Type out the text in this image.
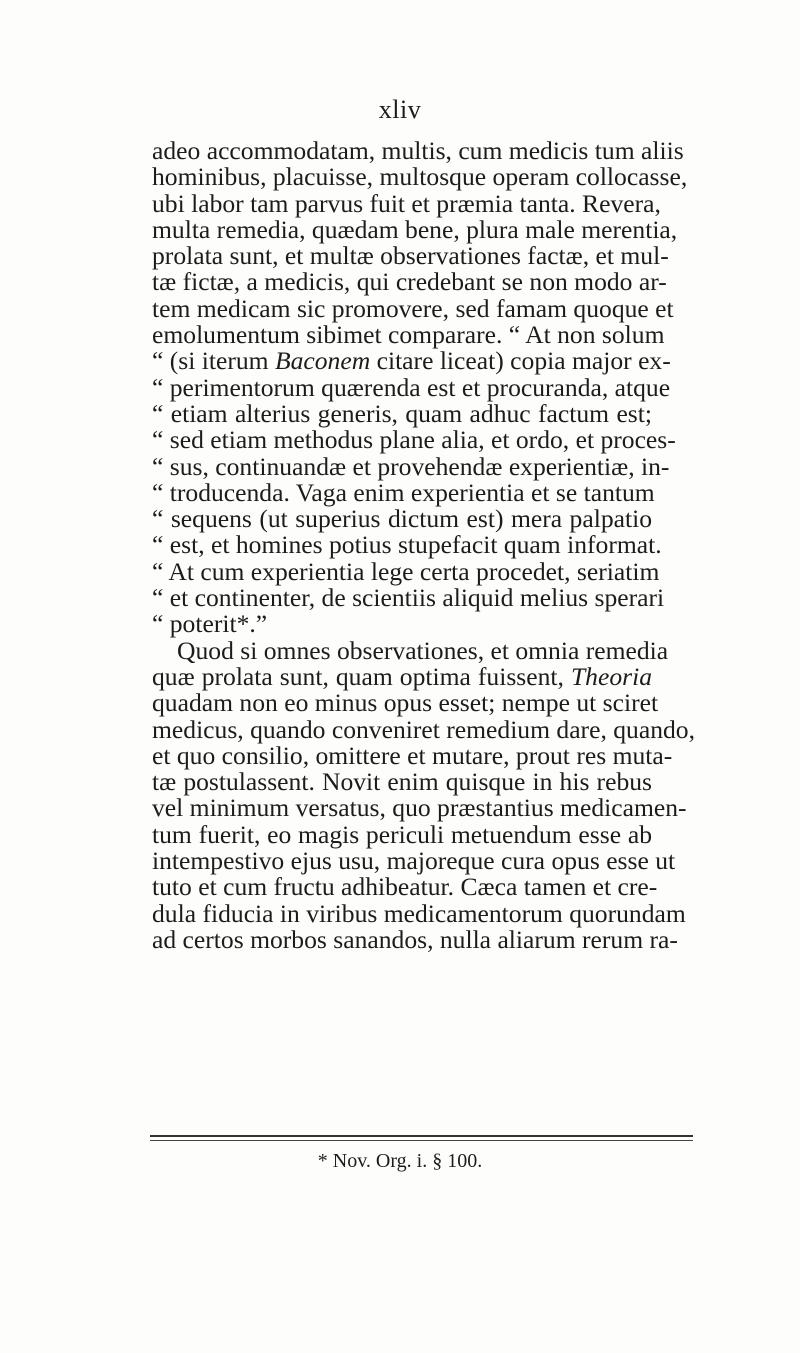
xliv
adeo accommodatam, multis, cum medicis tum aliis
hominibus, placuisse, multosque operam collocasse,
ubi labor tam parvus fuit et præmia tanta. Revera,
multa remedia, quædam bene, plura male merentia,
prolata sunt, et multæ observationes factæ, et mul-
tæ fictæ, a medicis, qui credebant se non modo ar-
tem medicam sic promovere, sed famam quoque et
emolumentum sibimet comparare. “ At non solum
“ (si iterum Baconem citare liceat) copia major ex-
“ perimentorum quærenda est et procuranda, atque
“ etiam alterius generis, quam adhuc factum est;
“ sed etiam methodus plane alia, et ordo, et proces-
“ sus, continuandæ et provehendæ experientiæ, in-
“ troducenda. Vaga enim experientia et se tantum
“ sequens (ut superius dictum est) mera palpatio
“ est, et homines potius stupefacit quam informat.
“ At cum experientia lege certa procedet, seriatim
“ et continenter, de scientiis aliquid melius sperari
“ poterit*.”
Quod si omnes observationes, et omnia remedia
quæ prolata sunt, quam optima fuissent, Theoria
quadam non eo minus opus esset; nempe ut sciret
medicus, quando conveniret remedium dare, quando,
et quo consilio, omittere et mutare, prout res muta-
tæ postulassent. Novit enim quisque in his rebus
vel minimum versatus, quo præstantius medicamen-
tum fuerit, eo magis periculi metuendum esse ab
intempestivo ejus usu, majoreque cura opus esse ut
tuto et cum fructu adhibeatur. Cæca tamen et cre-
dula fiducia in viribus medicamentorum quorundam
ad certos morbos sanandos, nulla aliarum rerum ra-
* Nov. Org. i. § 100.
